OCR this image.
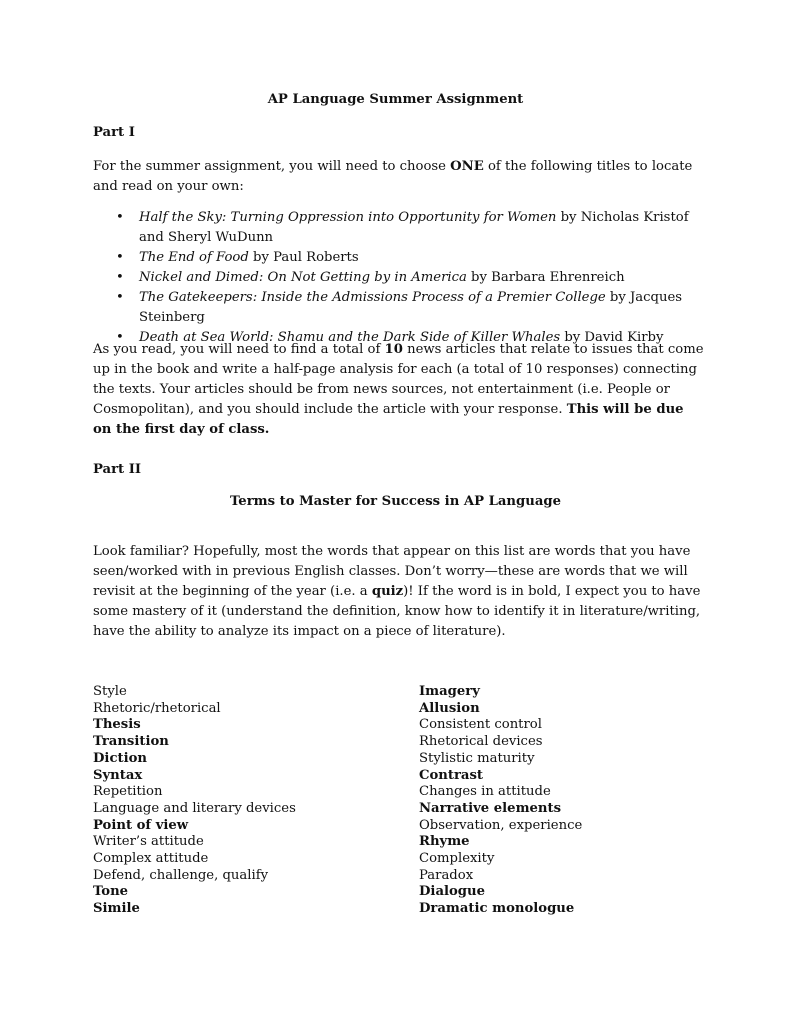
AP Language Summer Assignment
Part I
For the summer assignment, you will need to choose ONE of the following titles to locate and read on your own:
• Half the Sky: Turning Oppression into Opportunity for Women by Nicholas Kristof and Sheryl WuDunn
• The End of Food by Paul Roberts
• Nickel and Dimed: On Not Getting by in America by Barbara Ehrenreich
• The Gatekeepers: Inside the Admissions Process of a Premier College by Jacques Steinberg
• Death at Sea World: Shamu and the Dark Side of Killer Whales by David Kirby
As you read, you will need to find a total of 10 news articles that relate to issues that come up in the book and write a half-page analysis for each (a total of 10 responses) connecting the texts. Your articles should be from news sources, not entertainment (i.e. People or Cosmopolitan), and you should include the article with your response. This will be due on the first day of class.
Part II
Terms to Master for Success in AP Language
Look familiar? Hopefully, most the words that appear on this list are words that you have seen/worked with in previous English classes. Don’t worry—these are words that we will revisit at the beginning of the year (i.e. a quiz)! If the word is in bold, I expect you to have some mastery of it (understand the definition, know how to identify it in literature/writing, have the ability to analyze its impact on a piece of literature).
Style
Rhetoric/rhetorical
Thesis
Transition
Diction
Syntax
Repetition
Language and literary devices
Point of view
Writer’s attitude
Complex attitude
Defend, challenge, qualify
Tone
Simile
Imagery
Allusion
Consistent control
Rhetorical devices
Stylistic maturity
Contrast
Changes in attitude
Narrative elements
Observation, experience
Rhyme
Complexity
Paradox
Dialogue
Dramatic monologue
